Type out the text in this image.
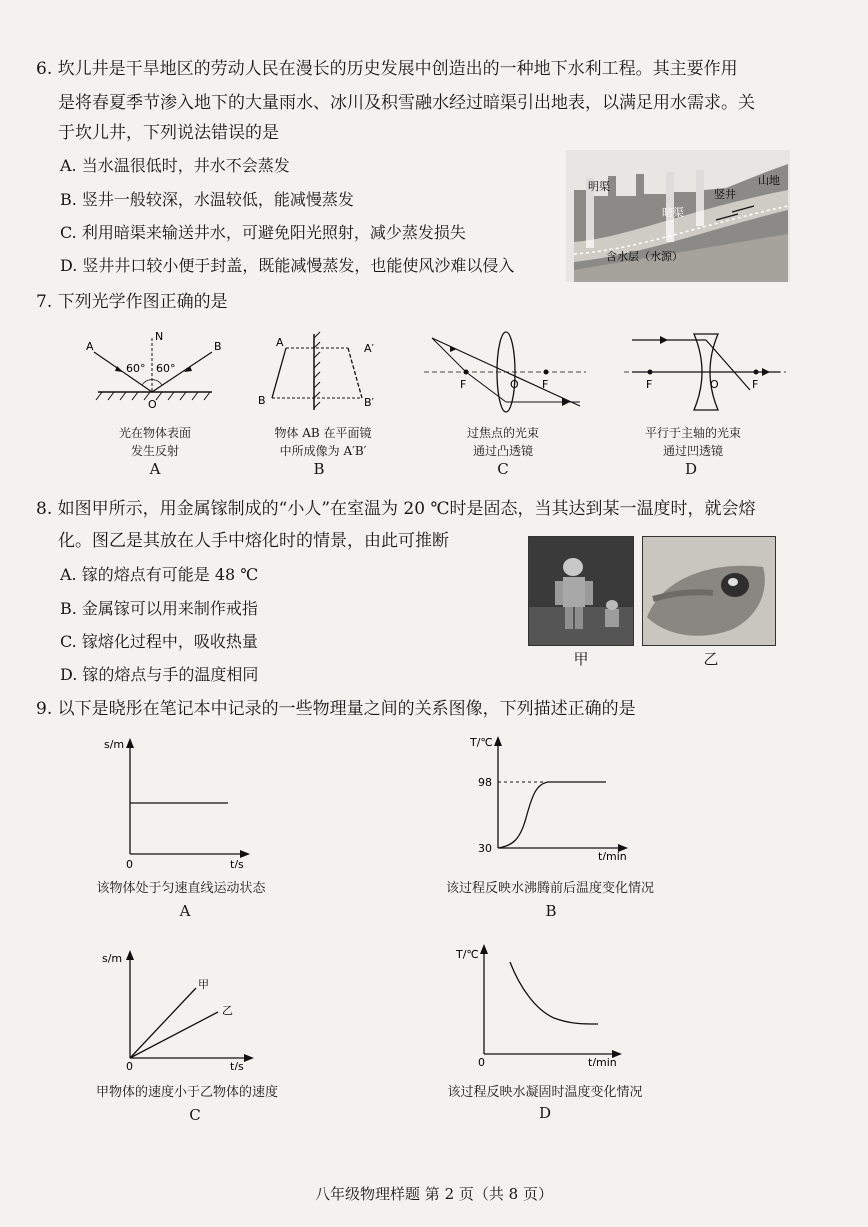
6. 坎儿井是干旱地区的劳动人民在漫长的历史发展中创造出的一种地下水利工程。其主要作用
是将春夏季节渗入地下的大量雨水、冰川及积雪融水经过暗渠引出地表，以满足用水需求。关
于坎儿井，下列说法错误的是
A. 当水温很低时，井水不会蒸发
B. 竖井一般较深，水温较低，能减慢蒸发
C. 利用暗渠来输送井水，可避免阳光照射，减少蒸发损失
D. 竖井井口较小便于封盖，既能减慢蒸发，也能使风沙难以侵入
明渠
竖井
山地
暗渠
含水层（水源）
7. 下列光学作图正确的是
A	B
N
O
60° 60°
光在物体表面
发生反射
A
A
B
A′
B′
物体 AB 在平面镜
中所成像为 A′B′
B
F	O F
过焦点的光束
通过凸透镜
C
F	O	F
平行于主轴的光束
通过凹透镜
D
8. 如图甲所示，用金属镓制成的“小人”在室温为 20 ℃时是固态，当其达到某一温度时，就会熔
化。图乙是其放在人手中熔化时的情景，由此可推断
A. 镓的熔点有可能是 48 ℃
B. 金属镓可以用来制作戒指
C. 镓熔化过程中，吸收热量
D. 镓的熔点与手的温度相同
甲	乙
9. 以下是晓彤在笔记本中记录的一些物理量之间的关系图像，下列描述正确的是
s/m
t/s
0
该物体处于匀速直线运动状态
A
T/℃
t/min
98
30
该过程反映水沸腾前后温度变化情况
B
s/m
t/s
0
甲
乙
甲物体的速度小于乙物体的速度
C
T/℃
t/min
0
该过程反映水凝固时温度变化情况
D
八年级物理样题 第 2 页（共 8 页）
